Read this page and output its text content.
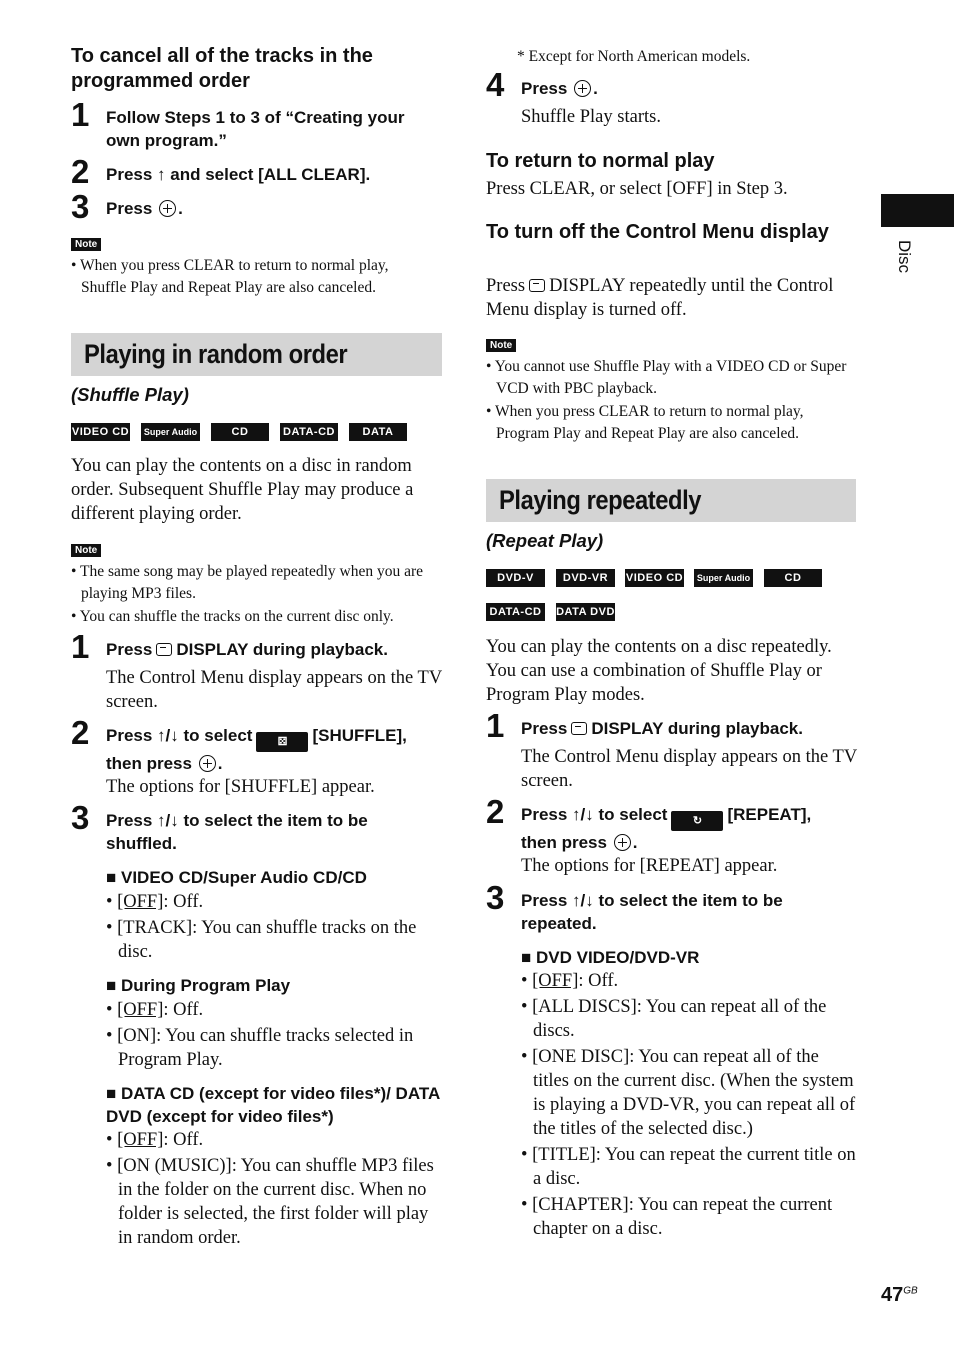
To cancel all of the tracks in the programmed order
1 Follow Steps 1 to 3 of “Creating your own program.”
2 Press ↑ and select [ALL CLEAR].
3 Press .
Note
• When you press CLEAR to return to normal play, Shuffle Play and Repeat Play are also canceled.
Playing in random order
(Shuffle Play)
VIDEO CD	Super Audio CD
CD	DATA-CD	DATA DVD
You can play the contents on a disc in random order. Subsequent Shuffle Play may produce a different playing order.
Note
• The same song may be played repeatedly when you are playing MP3 files.
• You can shuffle the tracks on the current disc only.
1 Press DISPLAY during playback.
The Control Menu display appears on the TV screen.
2 Press ↑/↓ to select ⚄ [SHUFFLE],
then press .
The options for [SHUFFLE] appear.
3 Press ↑/↓ to select the item to be shuffled.
■ VIDEO CD/Super Audio CD/CD
• [OFF]: Off.
• [TRACK]: You can shuffle tracks on the disc.
■ During Program Play
• [OFF]: Off.
• [ON]: You can shuffle tracks selected in Program Play.
■ DATA CD (except for video files*)/ DATA DVD (except for video files*)
• [OFF]: Off.
• [ON (MUSIC)]: You can shuffle MP3 files in the folder on the current disc. When no folder is selected, the first folder will play in random order.
* Except for North American models.
4 Press .
Shuffle Play starts.
To return to normal play
Press CLEAR, or select [OFF] in Step 3.
To turn off the Control Menu display
Press DISPLAY repeatedly until the Control Menu display is turned off.
Note
• You cannot use Shuffle Play with a VIDEO CD or Super VCD with PBC playback.
• When you press CLEAR to return to normal play, Program Play and Repeat Play are also canceled.
Playing repeatedly
(Repeat Play)
DVD-V	DVD-VR	VIDEO CD	Super Audio CD
CD
DATA-CD	DATA DVD
You can play the contents on a disc repeatedly. You can use a combination of Shuffle Play or Program Play modes.
1 Press DISPLAY during playback.
The Control Menu display appears on the TV screen.
2 Press ↑/↓ to select ↻ [REPEAT],
then press .
The options for [REPEAT] appear.
3 Press ↑/↓ to select the item to be repeated.
■ DVD VIDEO/DVD-VR
• [OFF]: Off.
• [ALL DISCS]: You can repeat all of the discs.
• [ONE DISC]: You can repeat all of the titles on the current disc. (When the system is playing a DVD-VR, you can repeat all of the titles of the selected disc.)
• [TITLE]: You can repeat the current title on a disc.
• [CHAPTER]: You can repeat the current chapter on a disc.
Disc
$47^{GB}$
